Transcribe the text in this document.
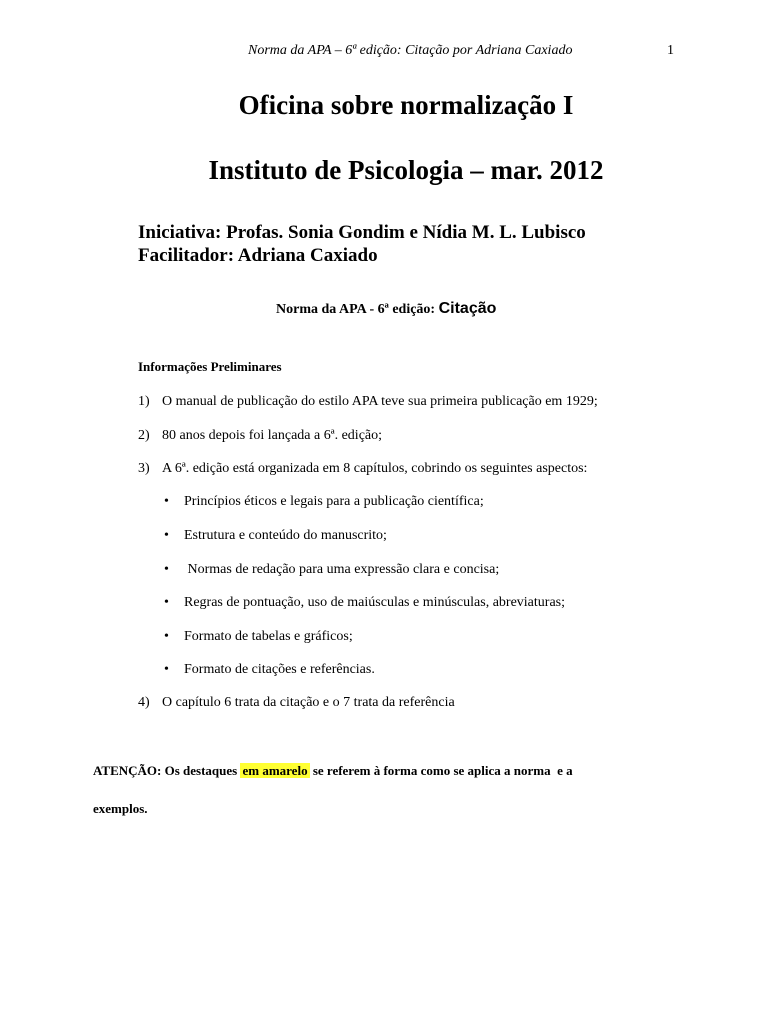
Norma da APA – 6ª edição: Citação por Adriana Caxiado	1
Oficina sobre normalização I
Instituto de Psicologia – mar. 2012
Iniciativa: Profas. Sonia Gondim e Nídia M. L. Lubisco
Facilitador: Adriana Caxiado
Norma da APA - 6ª edição: Citação
Informações Preliminares
1) O manual de publicação do estilo APA teve sua primeira publicação em 1929;
2) 80 anos depois foi lançada a 6ª. edição;
3) A 6ª. edição está organizada em 8 capítulos, cobrindo os seguintes aspectos:
• Princípios éticos e legais para a publicação científica;
• Estrutura e conteúdo do manuscrito;
• Normas de redação para uma expressão clara e concisa;
• Regras de pontuação, uso de maiúsculas e minúsculas, abreviaturas;
• Formato de tabelas e gráficos;
• Formato de citações e referências.
4) O capítulo 6 trata da citação e o 7 trata da referência
ATENÇÃO: Os destaques em amarelo se referem à forma como se aplica a norma  e a
exemplos.
